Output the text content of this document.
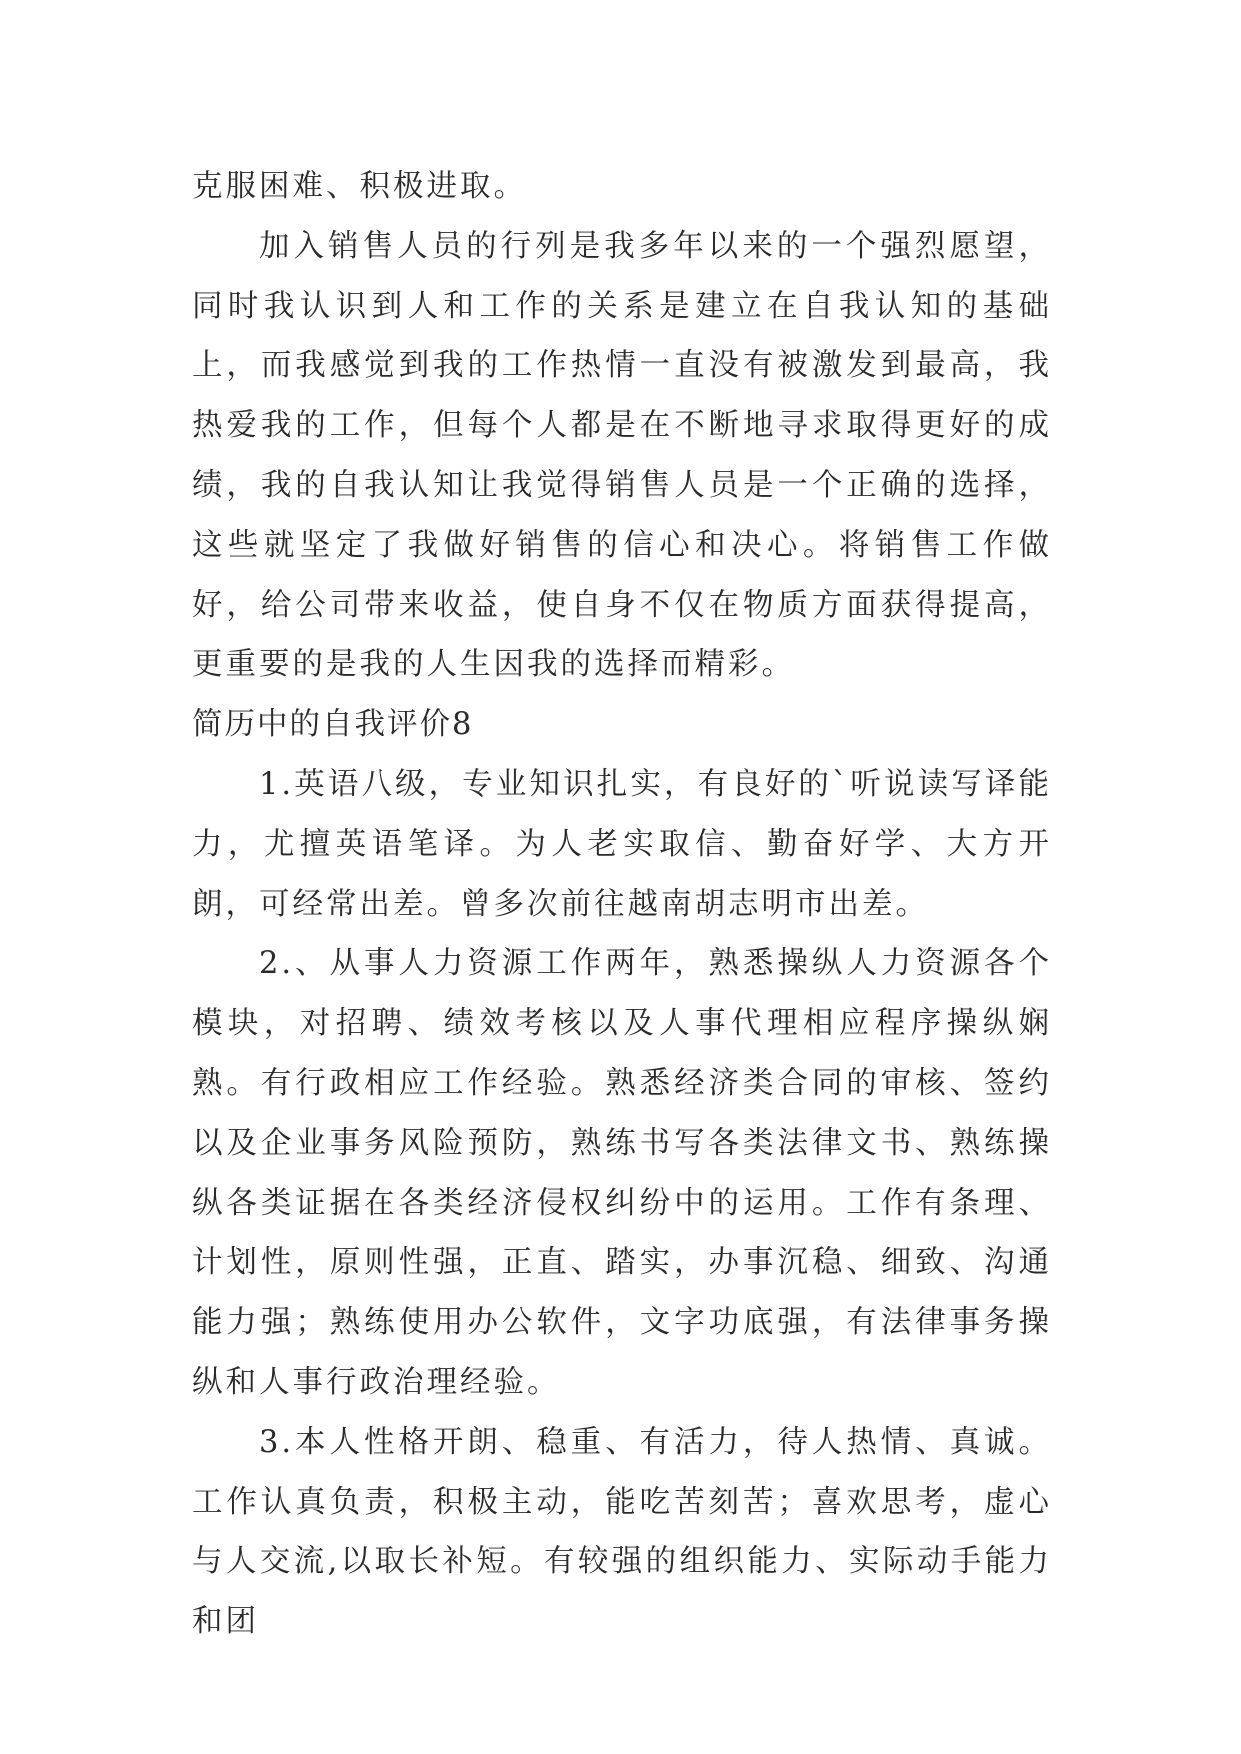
克服困难、积极进取。

加入销售人员的行列是我多年以来的一个强烈愿望，同时我认识到人和工作的关系是建立在自我认知的基础上，而我感觉到我的工作热情一直没有被激发到最高，我热爱我的工作，但每个人都是在不断地寻求取得更好的成绩，我的自我认知让我觉得销售人员是一个正确的选择，这些就坚定了我做好销售的信心和决心。将销售工作做好，给公司带来收益，使自身不仅在物质方面获得提高，更重要的是我的人生因我的选择而精彩。

简历中的自我评价8

1.英语八级，专业知识扎实，有良好的`听说读写译能力，尤擅英语笔译。为人老实取信、勤奋好学、大方开朗，可经常出差。曾多次前往越南胡志明市出差。

2.、从事人力资源工作两年，熟悉操纵人力资源各个模块，对招聘、绩效考核以及人事代理相应程序操纵娴熟。有行政相应工作经验。熟悉经济类合同的审核、签约以及企业事务风险预防，熟练书写各类法律文书、熟练操纵各类证据在各类经济侵权纠纷中的运用。工作有条理、计划性，原则性强，正直、踏实，办事沉稳、细致、沟通能力强；熟练使用办公软件，文字功底强，有法律事务操纵和人事行政治理经验。

3.本人性格开朗、稳重、有活力，待人热情、真诚。工作认真负责，积极主动，能吃苦刻苦；喜欢思考，虚心与人交流,以取长补短。有较强的组织能力、实际动手能力和团
